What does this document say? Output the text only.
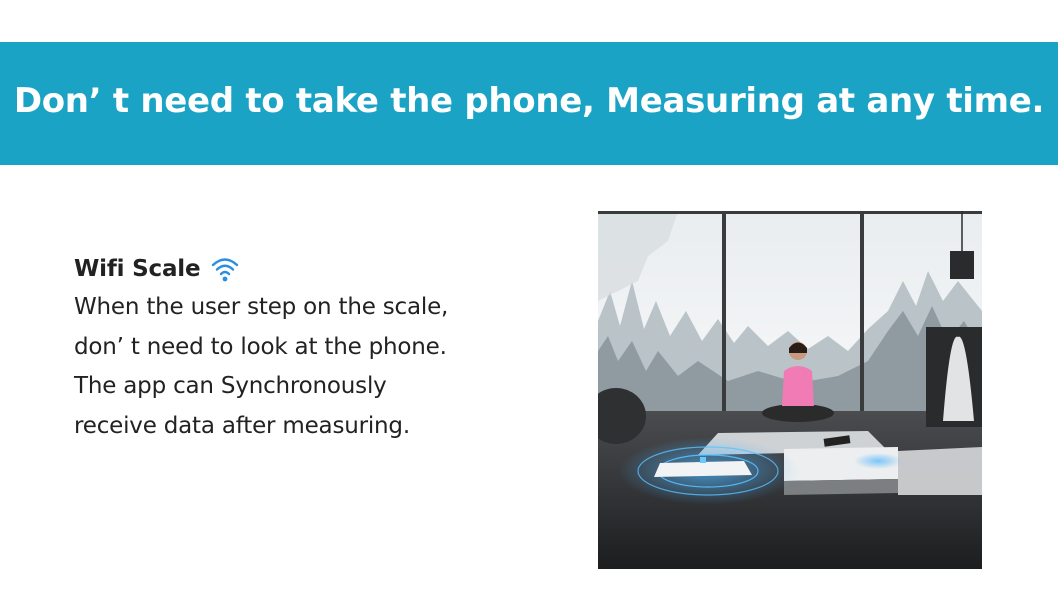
Don’ t need to take the phone, Measuring at any time.
Wifi Scale
When the user step on the scale, don’ t need to look at the phone. The app can Synchronously receive data after measuring.
